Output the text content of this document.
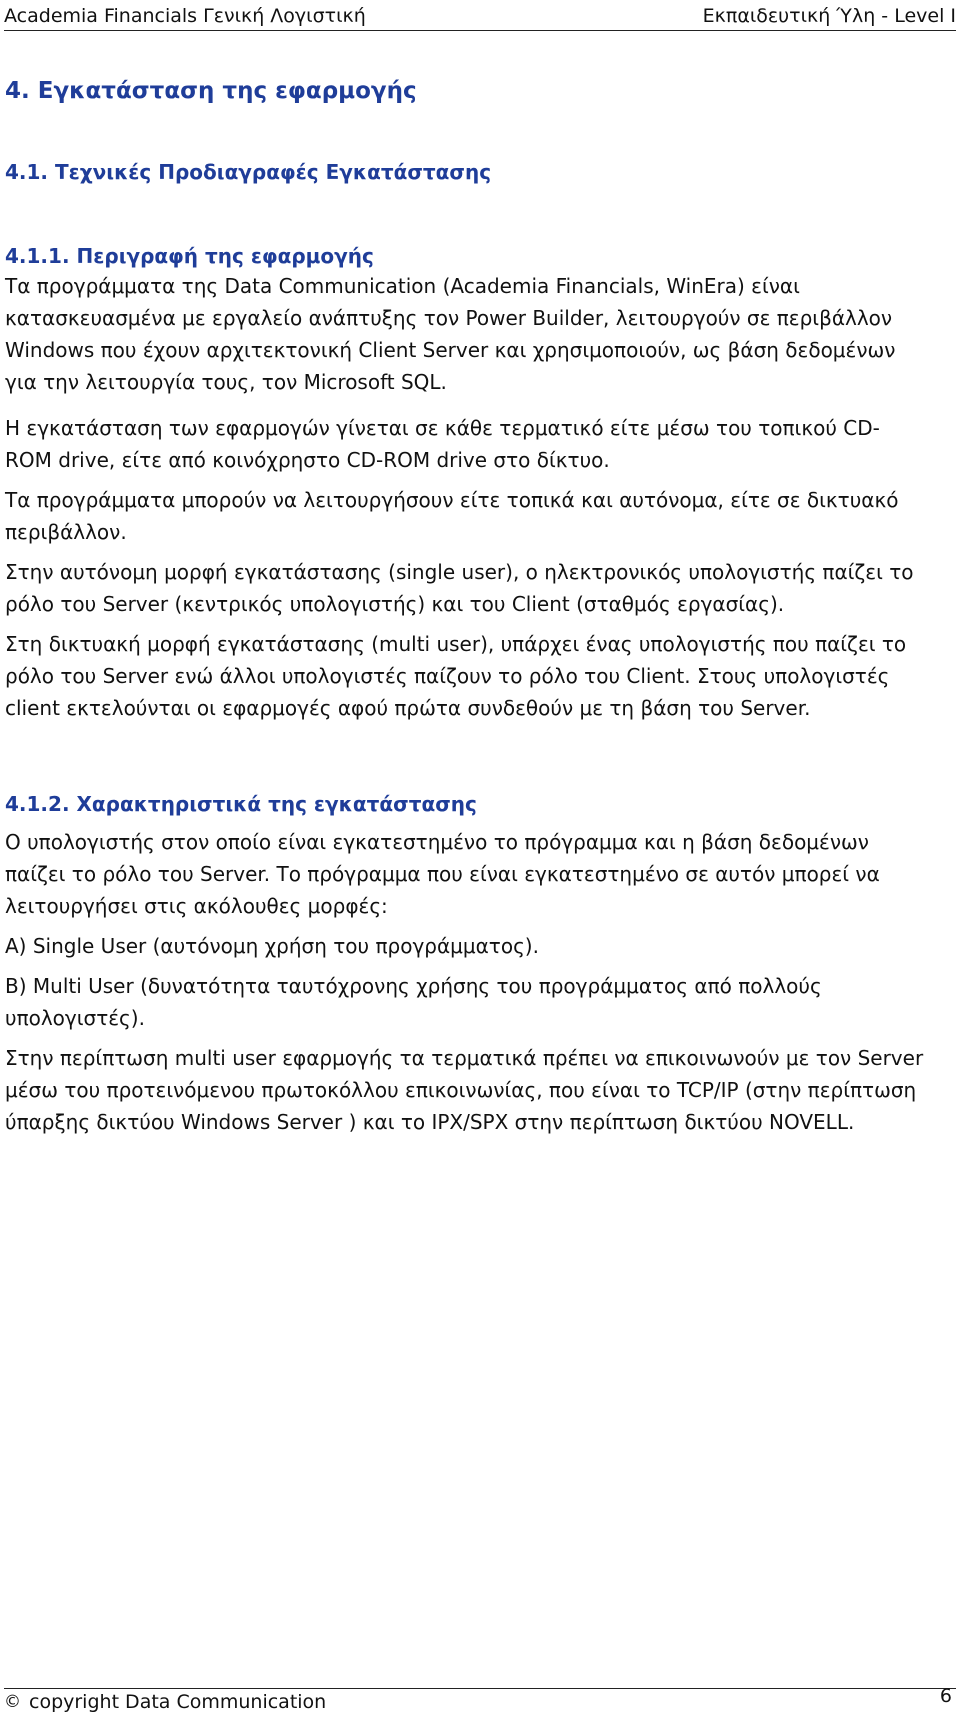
Academia Financials Γενική Λογιστική	Εκπαιδευτική Ύλη - Level I
4. Εγκατάσταση της εφαρμογής
4.1. Τεχνικές Προδιαγραφές Εγκατάστασης
4.1.1. Περιγραφή της εφαρμογής
Τα προγράμματα της Data Communication (Academia Financials, WinEra) είναι κατασκευασμένα με εργαλείο ανάπτυξης τον Power Builder, λειτουργούν σε περιβάλλον Windows που έχουν αρχιτεκτονική Client Server και χρησιμοποιούν, ως βάση δεδομένων για την λειτουργία τους, τον Microsoft SQL.
Η εγκατάσταση των εφαρμογών γίνεται σε κάθε τερματικό είτε μέσω του τοπικού CD-ROM drive, είτε από κοινόχρηστο CD-ROM drive στο δίκτυο.
Τα προγράμματα μπορούν να λειτουργήσουν είτε τοπικά και αυτόνομα, είτε σε δικτυακό περιβάλλον.
Στην αυτόνομη μορφή εγκατάστασης (single user), ο ηλεκτρονικός υπολογιστής παίζει το ρόλο του Server (κεντρικός υπολογιστής) και του Client (σταθμός εργασίας).
Στη δικτυακή μορφή εγκατάστασης (multi user), υπάρχει ένας υπολογιστής που παίζει το ρόλο του Server ενώ άλλοι υπολογιστές παίζουν το ρόλο του Client. Στους υπολογιστές client εκτελούνται οι εφαρμογές αφού πρώτα συνδεθούν με τη βάση του Server.
4.1.2. Χαρακτηριστικά της εγκατάστασης
Ο υπολογιστής στον οποίο είναι εγκατεστημένο το πρόγραμμα και η βάση δεδομένων παίζει το ρόλο του Server. Το πρόγραμμα που είναι εγκατεστημένο σε αυτόν μπορεί να λειτουργήσει στις ακόλουθες μορφές:
Α) Single User (αυτόνομη χρήση του προγράμματος).
Β) Multi User (δυνατότητα ταυτόχρονης χρήσης του προγράμματος από πολλούς υπολογιστές).
Στην περίπτωση multi user εφαρμογής τα τερματικά πρέπει να επικοινωνούν με τον Server μέσω του προτεινόμενου πρωτοκόλλου επικοινωνίας, που είναι το TCP/IP (στην περίπτωση ύπαρξης δικτύου Windows Server ) και το IPX/SPX στην περίπτωση δικτύου NOVELL.
© copyright Data Communication	6
